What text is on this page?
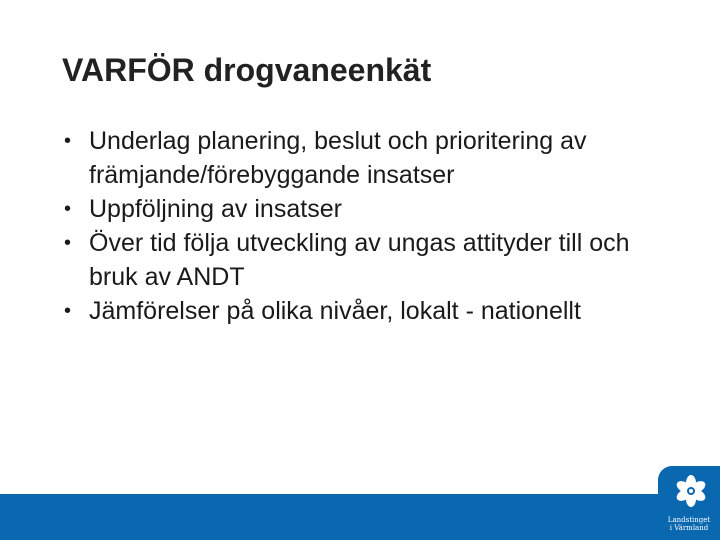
VARFÖR drogvaneenkät
• Underlag planering, beslut och prioritering av främjande/förebyggande insatser
• Uppföljning av insatser
• Över tid följa utveckling av ungas attityder till och bruk av ANDT
• Jämförelser på olika nivåer, lokalt - nationellt
Landstinget
i Värmland
